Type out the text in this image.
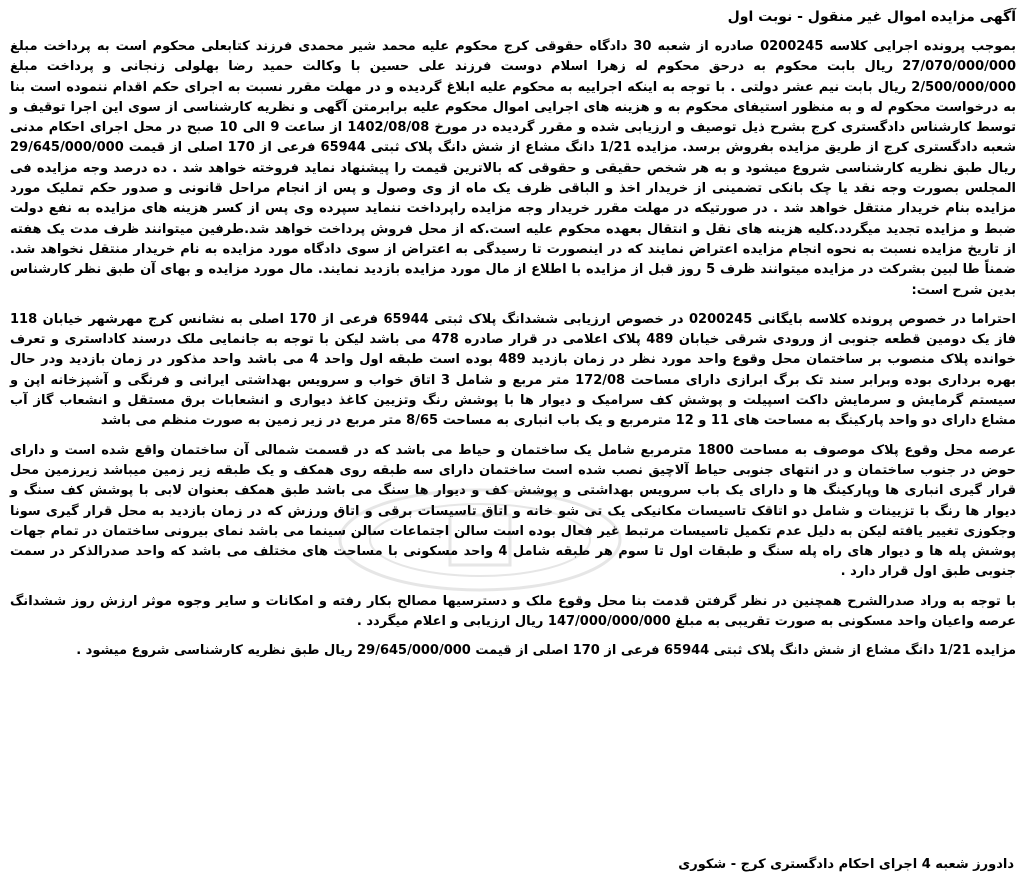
آگهی مزایده اموال غیر منقول - نوبت اول

بموجب پرونده اجرایی کلاسه 0200245 صادره از شعبه 30 دادگاه حقوقی کرج محکوم علیه محمد شیر محمدی فرزند کتابعلی محکوم است به پرداخت مبلغ 27/070/000/000 ریال بابت محکوم به درحق محکوم له زهرا اسلام دوست فرزند علی حسین با وکالت حمید رضا بهلولی زنجانی و پرداخت مبلغ 2/500/000/000 ریال بابت نیم عشر دولتی . با توجه به اینکه اجراییه به محکوم علیه ابلاغ گردیده و در مهلت مقرر نسبت به اجرای حکم اقدام ننموده است بنا به درخواست محکوم له و به منظور استیفای محکوم به و هزینه های اجرایی اموال محکوم علیه برابرمتن آگهی و نظریه کارشناسی از سوی این اجرا توقیف و توسط کارشناس دادگستری کرج بشرح ذیل توصیف و ارزیابی شده و مقرر گردیده در مورخ 1402/08/08 از ساعت 9 الی 10 صبح در محل اجرای احکام مدنی شعبه دادگستری کرج از طریق مزایده بفروش برسد. مزایده 1/21 دانگ مشاع از شش دانگ پلاک ثبتی 65944 فرعی از 170 اصلی از قیمت 29/645/000/000 ریال طبق نظریه کارشناسی شروع میشود و به هر شخص حقیقی و حقوقی که بالاترین قیمت را پیشنهاد نماید فروخته خواهد شد . ده درصد وجه مزایده فی المجلس بصورت وجه نقد یا چک بانکی تضمینی از خریدار اخذ و الباقی ظرف یک ماه از وی وصول و پس از انجام مراحل قانونی و صدور حکم تملیک مورد مزایده بنام خریدار منتقل خواهد شد . در صورتیکه در مهلت مقرر خریدار وجه مزایده راپرداخت ننماید سپرده وی پس از کسر هزینه های مزایده به نفع دولت ضبط و مزایده تجدید میگردد.کلیه هزینه های نقل و انتقال بعهده محکوم علیه است.که از محل فروش پرداخت خواهد شد.طرفین میتوانند ظرف مدت یک هفته از تاریخ مزایده نسبت به نحوه انجام مزایده اعتراض نمایند که در اینصورت تا رسیدگی به اعتراض از سوی دادگاه مورد مزایده به نام خریدار منتقل نخواهد شد. ضمناً طا لبین بشرکت در مزایده میتوانند ظرف 5 روز قبل از مزایده با اطلاع از مال مورد مزایده بازدید نمایند. مال مورد مزایده و بهای آن طبق نظر کارشناس بدین شرح است:

احتراما در خصوص پرونده کلاسه بایگانی 0200245 در خصوص ارزیابی ششدانگ پلاک ثبتی 65944 فرعی از 170 اصلی به نشانس کرج مهرشهر خیابان 118 فاز یک دومین قطعه جنوبی از ورودی شرقی خیابان 489 پلاک اعلامی در قرار صادره 478 می باشد لیکن با توجه به جانمایی ملک درسند کاداستری و تعرف خوانده پلاک منصوب بر ساختمان محل وقوع واحد مورد نظر در زمان بازدید 489 بوده است طبقه اول واحد 4 می باشد واحد مذکور در زمان بازدید ودر حال بهره برداری بوده وبرابر سند تک برگ ابرازی دارای مساحت 172/08 متر مربع و شامل 3 اتاق خواب و سرویس بهداشتی ایرانی و فرنگی و آشپزخانه اپن و سیستم گرمایش و سرمایش داکت اسپیلت و پوشش کف سرامیک و دیوار ها با پوشش رنگ وتزیین کاغذ دیواری و انشعابات برق مستقل و انشعاب گاز آب مشاع دارای دو واحد پارکینگ به مساحت های 11 و 12 مترمربع و یک باب انباری به مساحت 8/65 متر مربع در زیر زمین به صورت منظم می باشد

عرصه محل وقوع پلاک موصوف به مساحت 1800 مترمربع شامل یک ساختمان و حیاط می باشد که در قسمت شمالی آن ساختمان واقع شده است و دارای حوض در جنوب ساختمان و در انتهای جنوبی حیاط آلاچیق نصب شده است ساختمان دارای سه طبقه روی همکف و یک طبقه زیر زمین میباشد زیرزمین محل قرار گیری انباری ها وپارکینگ ها و دارای یک باب سرویس بهداشتی و پوشش کف و دیوار ها سنگ می باشد طبق همکف بعنوان لابی با پوشش کف سنگ و دیوار ها رنگ با تزیینات و شامل دو اتاقک تاسیسات مکانیکی یک تی شو خانه و اتاق تاسیسات برقی و اتاق ورزش که در زمان بازدید به محل قرار گیری سونا وجکوزی تغییر یافته لیکن به دلیل عدم تکمیل تاسیسات مرتبط غیر فعال بوده است سالن اجتماعات سالن سینما می باشد نمای بیرونی ساختمان در تمام جهات پوشش پله ها و دیوار های راه پله سنگ و طبقات اول تا سوم هر طبقه شامل 4 واحد مسکونی با مساحت های مختلف می باشد که واحد صدرالذکر در سمت جنوبی طبق اول قرار دارد .

با توجه به وراد صدرالشرح همچنین در نظر گرفتن قدمت بنا محل وقوع ملک و دسترسیها مصالح بکار رفته و امکانات و سایر وجوه موثر ارزش روز ششدانگ عرصه واعیان واحد مسکونی به صورت تقریبی به مبلغ 147/000/000/000 ریال ارزیابی و اعلام میگردد .

مزایده 1/21 دانگ مشاع از شش دانگ پلاک ثبتی 65944 فرعی از 170 اصلی از قیمت 29/645/000/000 ریال طبق نظریه کارشناسی شروع میشود .

دادورز شعبه 4 اجرای احکام دادگستری کرج - شکوری
